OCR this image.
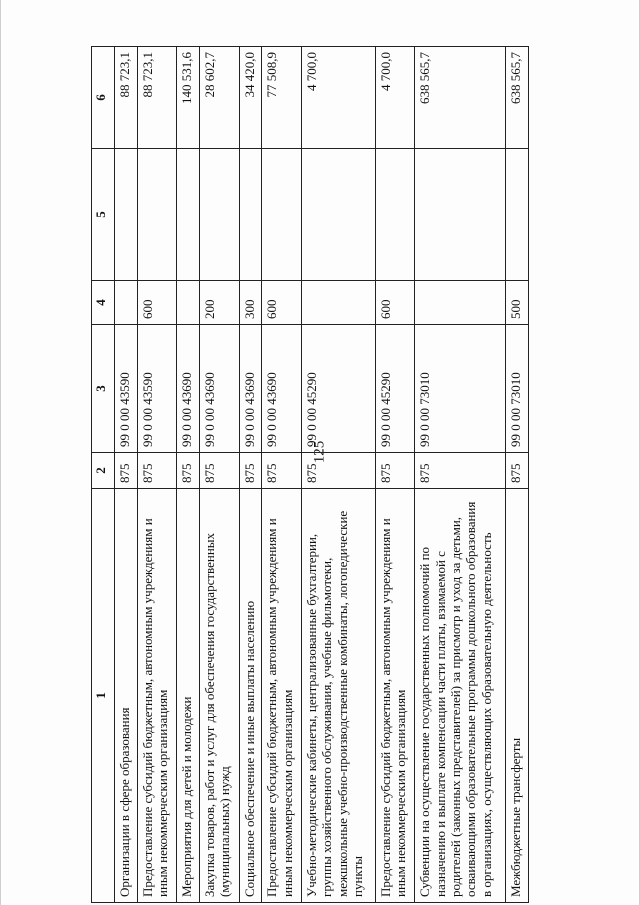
125
1	2	3	4	5	6
Организации в сфере образования	875	99 0 00 43590			88 723,1
Предоставление субсидий бюджетным, автономным учреждениям и иным некоммерческим организациям	875	99 0 00 43590	600		88 723,1
Мероприятия для детей и молодежи	875	99 0 00 43690			140 531,6
Закупка товаров, работ и услуг для обеспечения государственных (муниципальных) нужд	875	99 0 00 43690	200		28 602,7
Социальное обеспечение и иные выплаты населению	875	99 0 00 43690	300		34 420,0
Предоставление субсидий бюджетным, автономным учреждениям и иным некоммерческим организациям	875	99 0 00 43690	600		77 508,9
Учебно-методические кабинеты, централизованные бухгалтерии, группы хозяйственного обслуживания, учебные фильмотеки, межшкольные учебно-производственные комбинаты, логопедические пункты	875	99 0 00 45290			4 700,0
Предоставление субсидий бюджетным, автономным учреждениям и иным некоммерческим организациям	875	99 0 00 45290	600		4 700,0
Субвенции на осуществление государственных полномочий по назначению и выплате компенсации части платы, взимаемой с родителей (законных представителей) за присмотр и уход за детьми, осваивающими образовательные программы дошкольного образования в организациях, осуществляющих образовательную деятельность	875	99 0 00 73010			638 565,7
Межбюджетные трансферты	875	99 0 00 73010	500		638 565,7
